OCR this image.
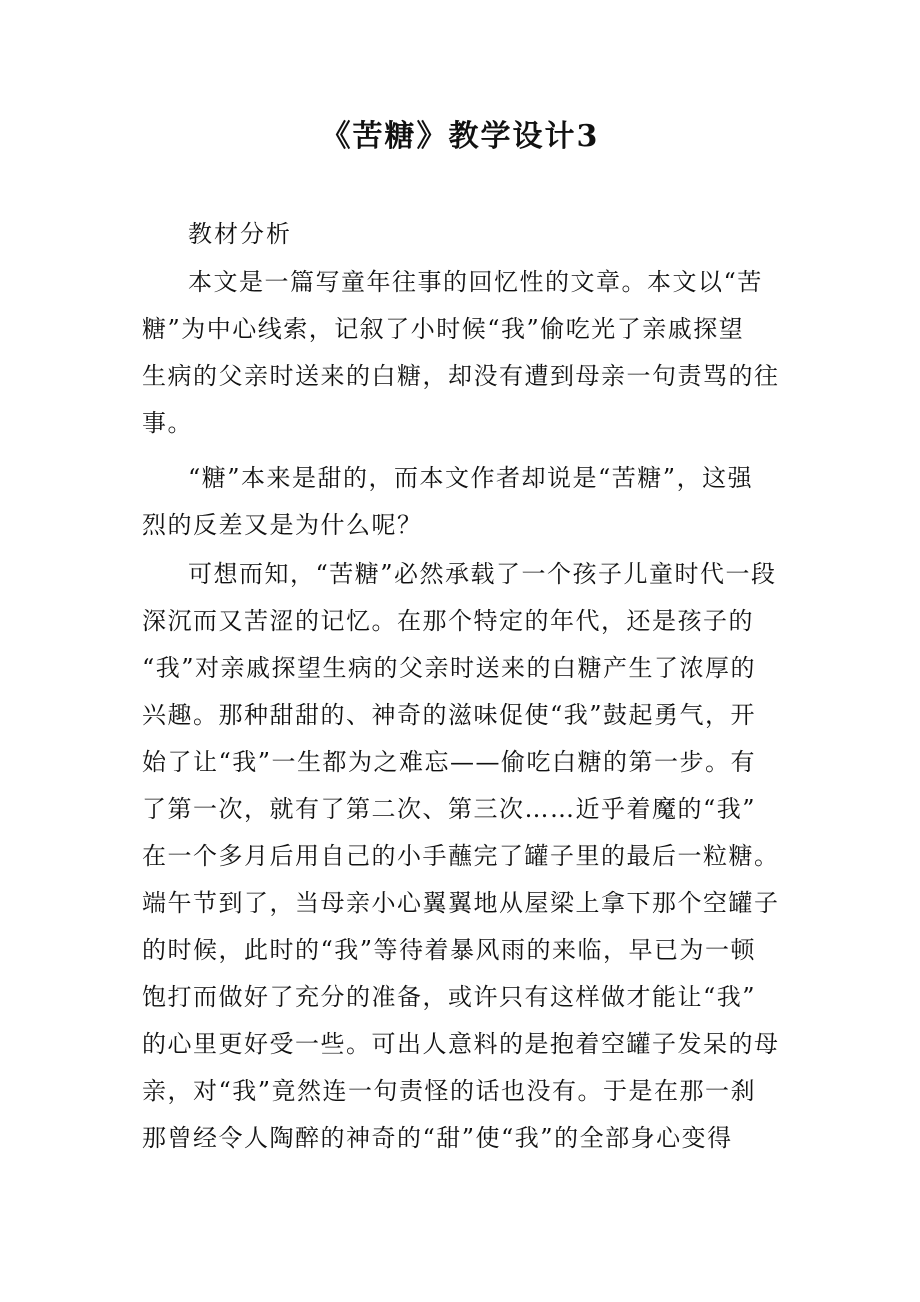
《苦糖》教学设计3
教材分析
本文是一篇写童年往事的回忆性的文章。本文以“苦
糖”为中心线索，记叙了小时候“我”偷吃光了亲戚探望
生病的父亲时送来的白糖，却没有遭到母亲一句责骂的往
事。
“糖”本来是甜的，而本文作者却说是“苦糖”，这强
烈的反差又是为什么呢？
可想而知，“苦糖”必然承载了一个孩子儿童时代一段
深沉而又苦涩的记忆。在那个特定的年代，还是孩子的
“我”对亲戚探望生病的父亲时送来的白糖产生了浓厚的
兴趣。那种甜甜的、神奇的滋味促使“我”鼓起勇气，开
始了让“我”一生都为之难忘——偷吃白糖的第一步。有
了第一次，就有了第二次、第三次……近乎着魔的“我”
在一个多月后用自己的小手蘸完了罐子里的最后一粒糖。
端午节到了，当母亲小心翼翼地从屋梁上拿下那个空罐子
的时候，此时的“我”等待着暴风雨的来临，早已为一顿
饱打而做好了充分的准备，或许只有这样做才能让“我”
的心里更好受一些。可出人意料的是抱着空罐子发呆的母
亲，对“我”竟然连一句责怪的话也没有。于是在那一刹
那曾经令人陶醉的神奇的“甜”使“我”的全部身心变得
